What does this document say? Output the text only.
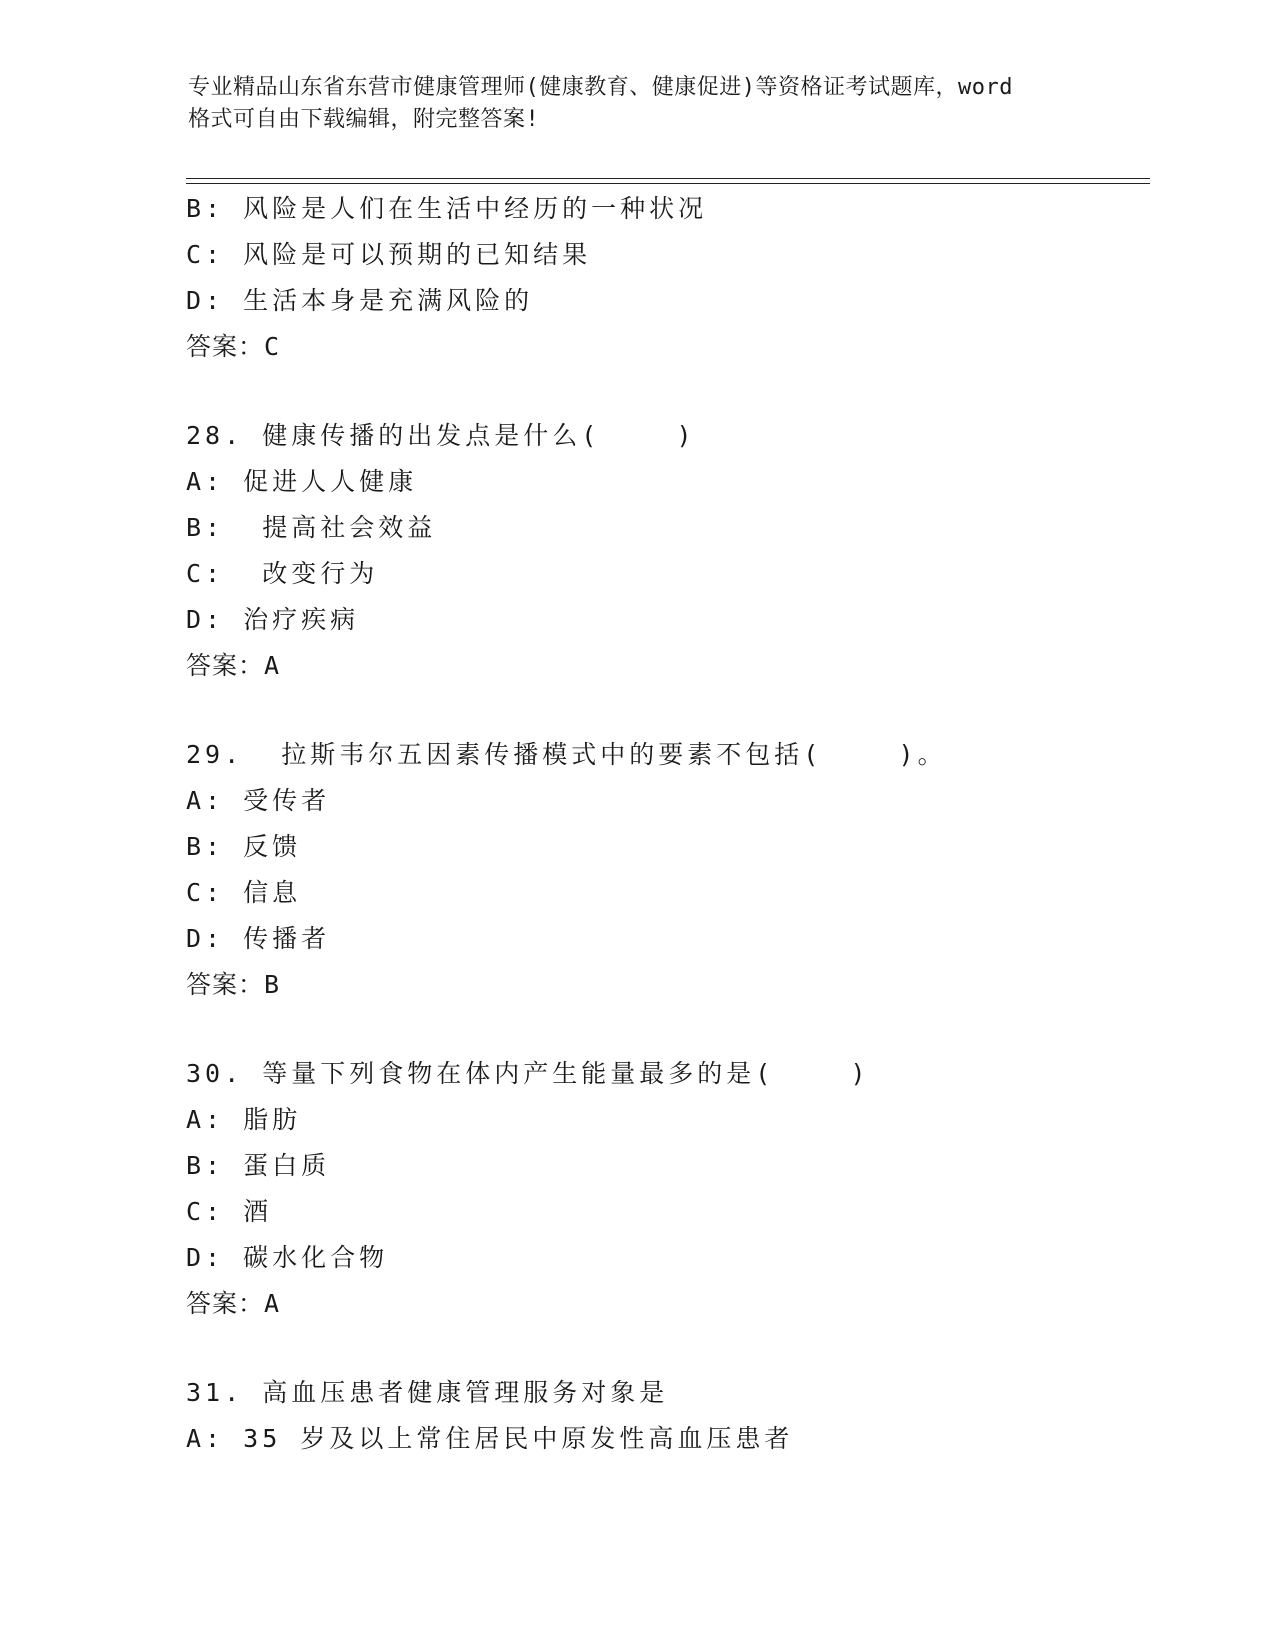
专业精品山东省东营市健康管理师(健康教育、健康促进)等资格证考试题库，word
格式可自由下载编辑，附完整答案!
B: 风险是人们在生活中经历的一种状况
C: 风险是可以预期的已知结果
D: 生活本身是充满风险的
答案：C
28. 健康传播的出发点是什么(    )
A: 促进人人健康
B:  提高社会效益
C:  改变行为
D: 治疗疾病
答案：A
29.  拉斯韦尔五因素传播模式中的要素不包括(    )。
A: 受传者
B: 反馈
C: 信息
D: 传播者
答案：B
30. 等量下列食物在体内产生能量最多的是(    )
A: 脂肪
B: 蛋白质
C: 酒
D: 碳水化合物
答案：A
31. 高血压患者健康管理服务对象是
A: 35 岁及以上常住居民中原发性高血压患者
